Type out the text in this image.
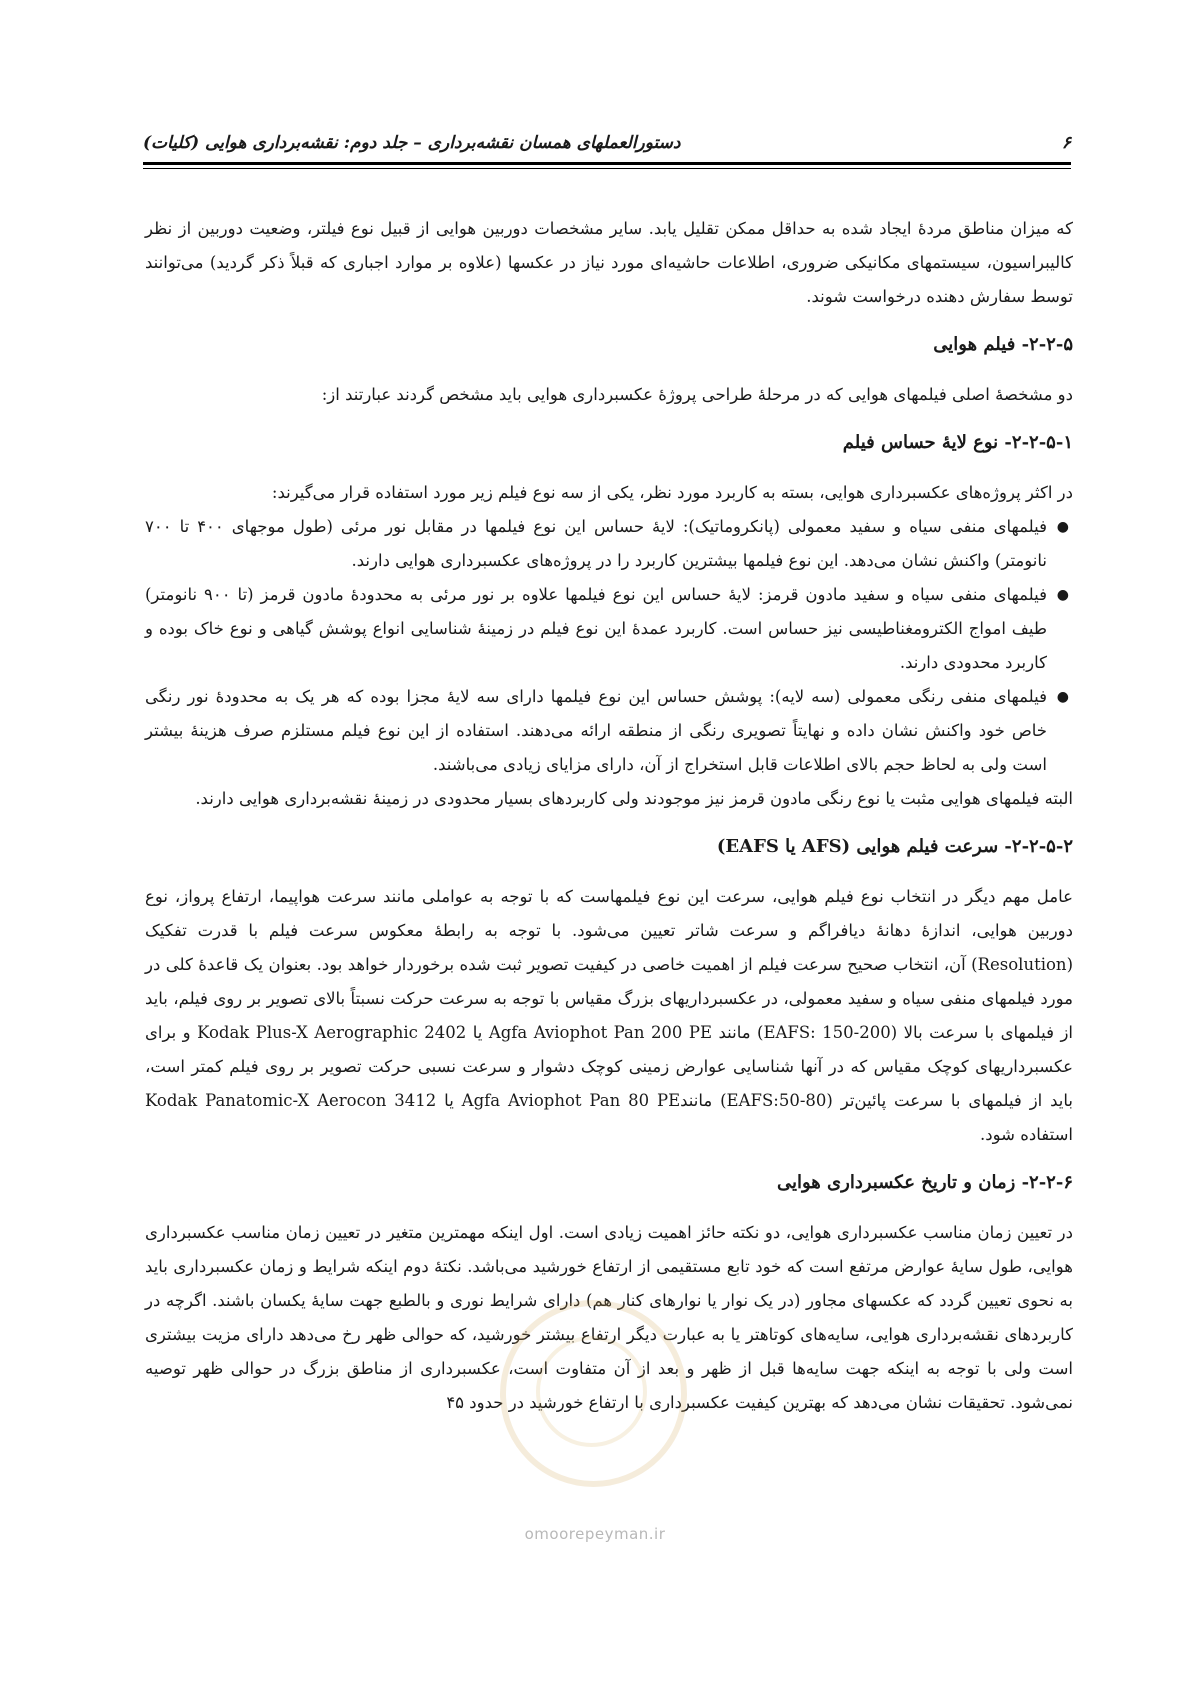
دستورالعملهای همسان نقشه‌برداری – جلد دوم: نقشه‌برداری هوایی (کلیات)	۶

که میزان مناطق مردهٔ ایجاد شده به حداقل ممکن تقلیل یابد. سایر مشخصات دوربین هوایی از قبیل نوع فیلتر، وضعیت دوربین از نظر کالیبراسیون، سیستمهای مکانیکی ضروری، اطلاعات حاشیه‌ای مورد نیاز در عکسها (علاوه بر موارد اجباری که قبلاً ذکر گردید) می‌توانند توسط سفارش دهنده درخواست شوند.

۲-۲-۵- فیلم هوایی

دو مشخصهٔ اصلی فیلمهای هوایی که در مرحلهٔ طراحی پروژهٔ عکسبرداری هوایی باید مشخص گردند عبارتند از:

۲-۲-۵-۱- نوع لایهٔ حساس فیلم

در اکثر پروژه‌های عکسبرداری هوایی، بسته به کاربرد مورد نظر، یکی از سه نوع فیلم زیر مورد استفاده قرار می‌گیرند:

●
فیلمهای منفی سیاه و سفید معمولی (پانکروماتیک): لایهٔ حساس این نوع فیلمها در مقابل نور مرئی (طول موجهای ۴۰۰ تا ۷۰۰ نانومتر) واکنش نشان می‌دهد. این نوع فیلمها بیشترین کاربرد را در پروژه‌های عکسبرداری هوایی دارند.
●
فیلمهای منفی سیاه و سفید مادون قرمز: لایهٔ حساس این نوع فیلمها علاوه بر نور مرئی به محدودهٔ مادون قرمز (تا ۹۰۰ نانومتر) طیف امواج الکترومغناطیسی نیز حساس است. کاربرد عمدهٔ این نوع فیلم در زمینهٔ شناسایی انواع پوشش گیاهی و نوع خاک بوده و کاربرد محدودی دارند.
●
فیلمهای منفی رنگی معمولی (سه لایه): پوشش حساس این نوع فیلمها دارای سه لایهٔ مجزا بوده که هر یک به محدودهٔ نور رنگی خاص خود واکنش نشان داده و نهایتاً تصویری رنگی از منطقه ارائه می‌دهند. استفاده از این نوع فیلم مستلزم صرف هزینهٔ بیشتر است ولی به لحاظ حجم بالای اطلاعات قابل استخراج از آن، دارای مزایای زیادی می‌باشند.

البته فیلمهای هوایی مثبت یا نوع رنگی مادون قرمز نیز موجودند ولی کاربردهای بسیار محدودی در زمینهٔ نقشه‌برداری هوایی دارند.

۲-۲-۵-۲- سرعت فیلم هوایی (AFS یا EAFS)

عامل مهم دیگر در انتخاب نوع فیلم هوایی، سرعت این نوع فیلمهاست که با توجه به عواملی مانند سرعت هواپیما، ارتفاع پرواز، نوع دوربین هوایی، اندازهٔ دهانهٔ دیافراگم و سرعت شاتر تعیین می‌شود. با توجه به رابطهٔ معکوس سرعت فیلم با قدرت تفکیک (Resolution) آن، انتخاب صحیح سرعت فیلم از اهمیت خاصی در کیفیت تصویر ثبت شده برخوردار خواهد بود. بعنوان یک قاعدهٔ کلی در مورد فیلمهای منفی سیاه و سفید معمولی، در عکسبرداریهای بزرگ مقیاس با توجه به سرعت حرکت نسبتاً بالای تصویر بر روی فیلم، باید از فیلمهای با سرعت بالا (EAFS: 150-200) مانند Agfa Aviophot Pan 200 PE یا Kodak Plus-X Aerographic 2402 و برای عکسبرداریهای کوچک مقیاس که در آنها شناسایی عوارض زمینی کوچک دشوار و سرعت نسبی حرکت تصویر بر روی فیلم کمتر است، باید از فیلمهای با سرعت پائین‌تر (EAFS:50-80) مانندAgfa Aviophot Pan 80 PE یا Kodak Panatomic-X Aerocon 3412 استفاده شود.

۲-۲-۶- زمان و تاریخ عکسبرداری هوایی

در تعیین زمان مناسب عکسبرداری هوایی، دو نکته حائز اهمیت زیادی است. اول اینکه مهمترین متغیر در تعیین زمان مناسب عکسبرداری هوایی، طول سایهٔ عوارض مرتفع است که خود تابع مستقیمی از ارتفاع خورشید می‌باشد. نکتهٔ دوم اینکه شرایط و زمان عکسبرداری باید به نحوی تعیین گردد که عکسهای مجاور (در یک نوار یا نوارهای کنار هم) دارای شرایط نوری و بالطبع جهت سایهٔ یکسان باشند. اگرچه در کاربردهای نقشه‌برداری هوایی، سایه‌های کوتاهتر یا به عبارت دیگر ارتفاع بیشتر خورشید، که حوالی ظهر رخ می‌دهد دارای مزیت بیشتری است ولی با توجه به اینکه جهت سایه‌ها قبل از ظهر و بعد از آن متفاوت است، عکسبرداری از مناطق بزرگ در حوالی ظهر توصیه نمی‌شود. تحقیقات نشان می‌دهد که بهترین کیفیت عکسبرداری با ارتفاع خورشید در حدود ۴۵

omoorepeyman.ir
